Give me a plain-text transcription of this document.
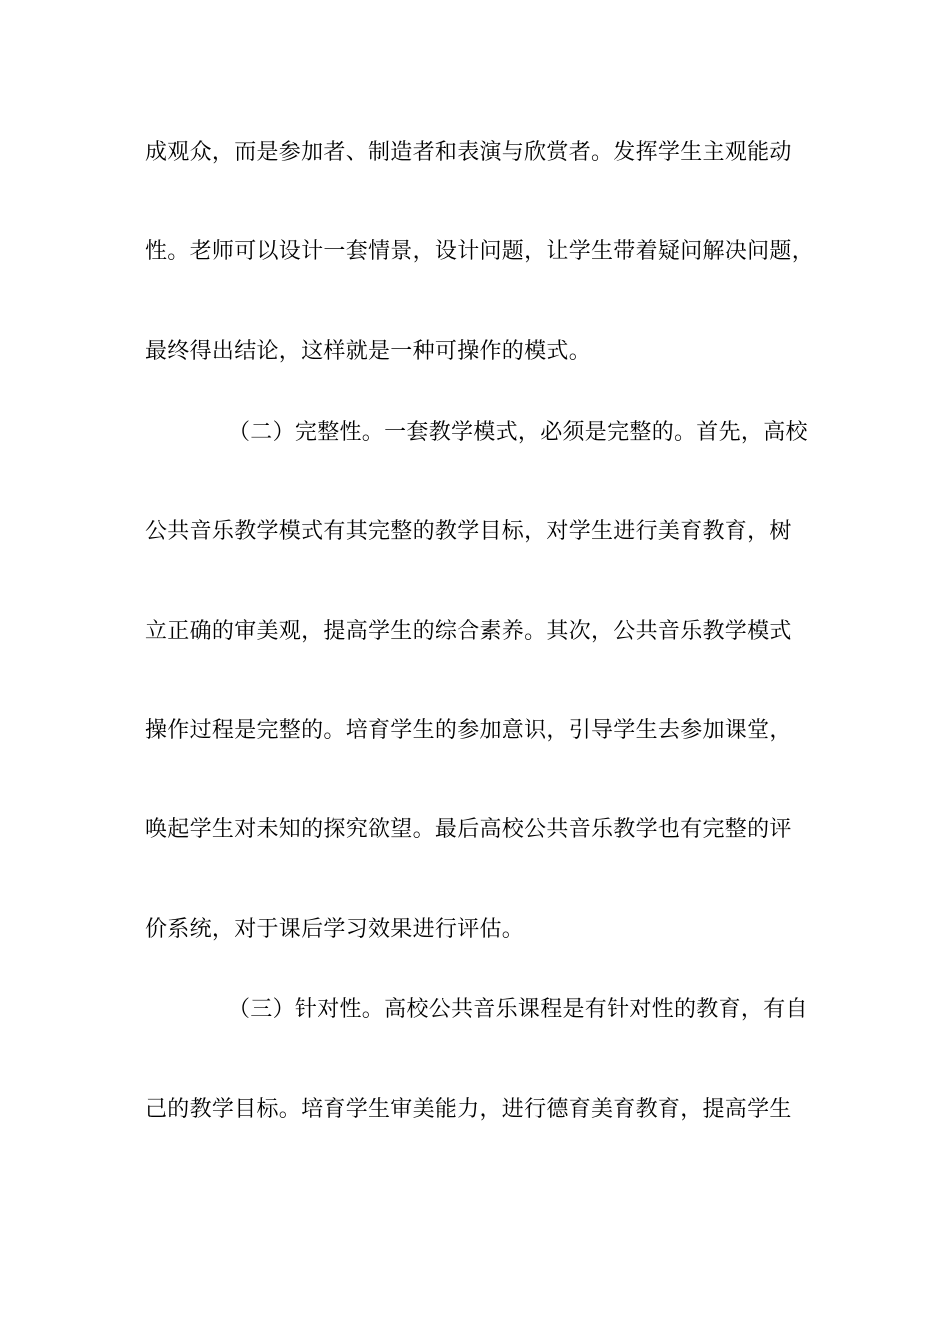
成观众，而是参加者、制造者和表演与欣赏者。发挥学生主观能动
性。老师可以设计一套情景，设计问题，让学生带着疑问解决问题，
最终得出结论，这样就是一种可操作的模式。
（二）完整性。一套教学模式，必须是完整的。首先，高校
公共音乐教学模式有其完整的教学目标，对学生进行美育教育，树
立正确的审美观，提高学生的综合素养。其次，公共音乐教学模式
操作过程是完整的。培育学生的参加意识，引导学生去参加课堂，
唤起学生对未知的探究欲望。最后高校公共音乐教学也有完整的评
价系统，对于课后学习效果进行评估。
（三）针对性。高校公共音乐课程是有针对性的教育，有自
己的教学目标。培育学生审美能力，进行德育美育教育，提高学生
